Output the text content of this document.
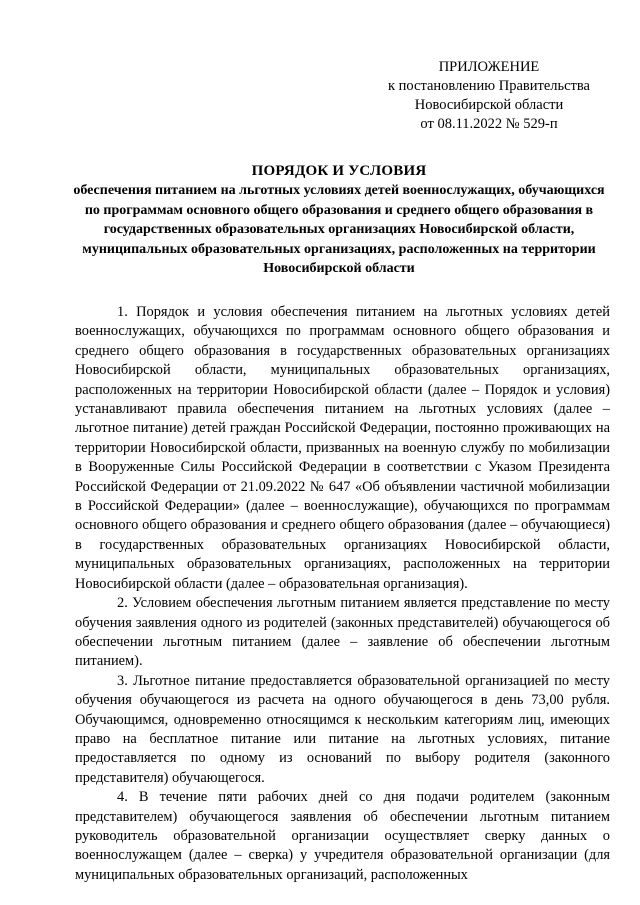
ПРИЛОЖЕНИЕ
к постановлению Правительства
Новосибирской области
от 08.11.2022 № 529-п
ПОРЯДОК И УСЛОВИЯ
обеспечения питанием на льготных условиях детей военнослужащих, обучающихся по программам основного общего образования и среднего общего образования в государственных образовательных организациях Новосибирской области, муниципальных образовательных организациях, расположенных на территории Новосибирской области

1. Порядок и условия обеспечения питанием на льготных условиях детей военнослужащих, обучающихся по программам основного общего образования и среднего общего образования в государственных образовательных организациях Новосибирской области, муниципальных образовательных организациях, расположенных на территории Новосибирской области (далее – Порядок и условия) устанавливают правила обеспечения питанием на льготных условиях (далее – льготное питание) детей граждан Российской Федерации, постоянно проживающих на территории Новосибирской области, призванных на военную службу по мобилизации в Вооруженные Силы Российской Федерации в соответствии с Указом Президента Российской Федерации от 21.09.2022 № 647 «Об объявлении частичной мобилизации в Российской Федерации» (далее – военнослужащие), обучающихся по программам основного общего образования и среднего общего образования (далее – обучающиеся) в государственных образовательных организациях Новосибирской области, муниципальных образовательных организациях, расположенных на территории Новосибирской области (далее – образовательная организация).

2. Условием обеспечения льготным питанием является представление по месту обучения заявления одного из родителей (законных представителей) обучающегося об обеспечении льготным питанием (далее – заявление об обеспечении льготным питанием).

3. Льготное питание предоставляется образовательной организацией по месту обучения обучающегося из расчета на одного обучающегося в день 73,00 рубля. Обучающимся, одновременно относящимся к нескольким категориям лиц, имеющих право на бесплатное питание или питание на льготных условиях, питание предоставляется по одному из оснований по выбору родителя (законного представителя) обучающегося.

4. В течение пяти рабочих дней со дня подачи родителем (законным представителем) обучающегося заявления об обеспечении льготным питанием руководитель образовательной организации осуществляет сверку данных о военнослужащем (далее – сверка) у учредителя образовательной организации (для муниципальных образовательных организаций, расположенных
